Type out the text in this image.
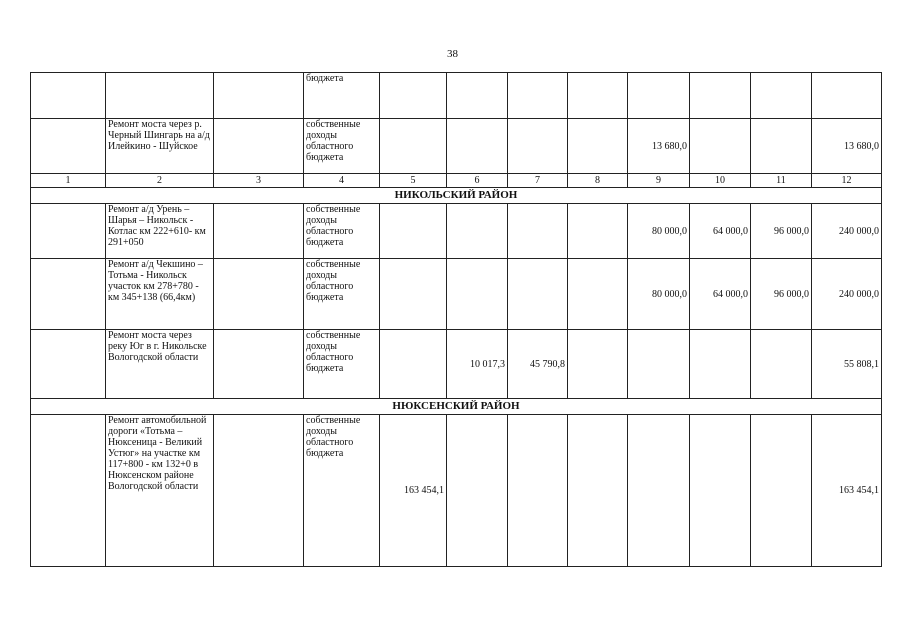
38
			бюджета								
	Ремонт моста через р. Черный Шингарь на а/д Илейкино - Шуйское		собственные доходы областного бюджета					13 680,0			13 680,0
1	2	3	4	5	6	7	8	9	10	11	12
НИКОЛЬСКИЙ РАЙОН											
	Ремонт а/д Урень – Шарья – Никольск - Котлас км 222+610- км 291+050		собственные доходы областного бюджета					80 000,0	64 000,0	96 000,0	240 000,0
	Ремонт а/д Чекшино – Тотьма - Никольск участок км 278+780 - км 345+138 (66,4км)		собственные доходы областного бюджета					80 000,0	64 000,0	96 000,0	240 000,0
	Ремонт моста через реку Юг в г. Никольске Вологодской области		собственные доходы областного бюджета		10 017,3	45 790,8					55 808,1
НЮКСЕНСКИЙ РАЙОН											
	Ремонт автомобильной дороги «Тотьма – Нюксеница - Великий Устюг» на участке км 117+800 - км 132+0 в Нюксенском районе Вологодской области		собственные доходы областного бюджета	163 454,1							163 454,1
